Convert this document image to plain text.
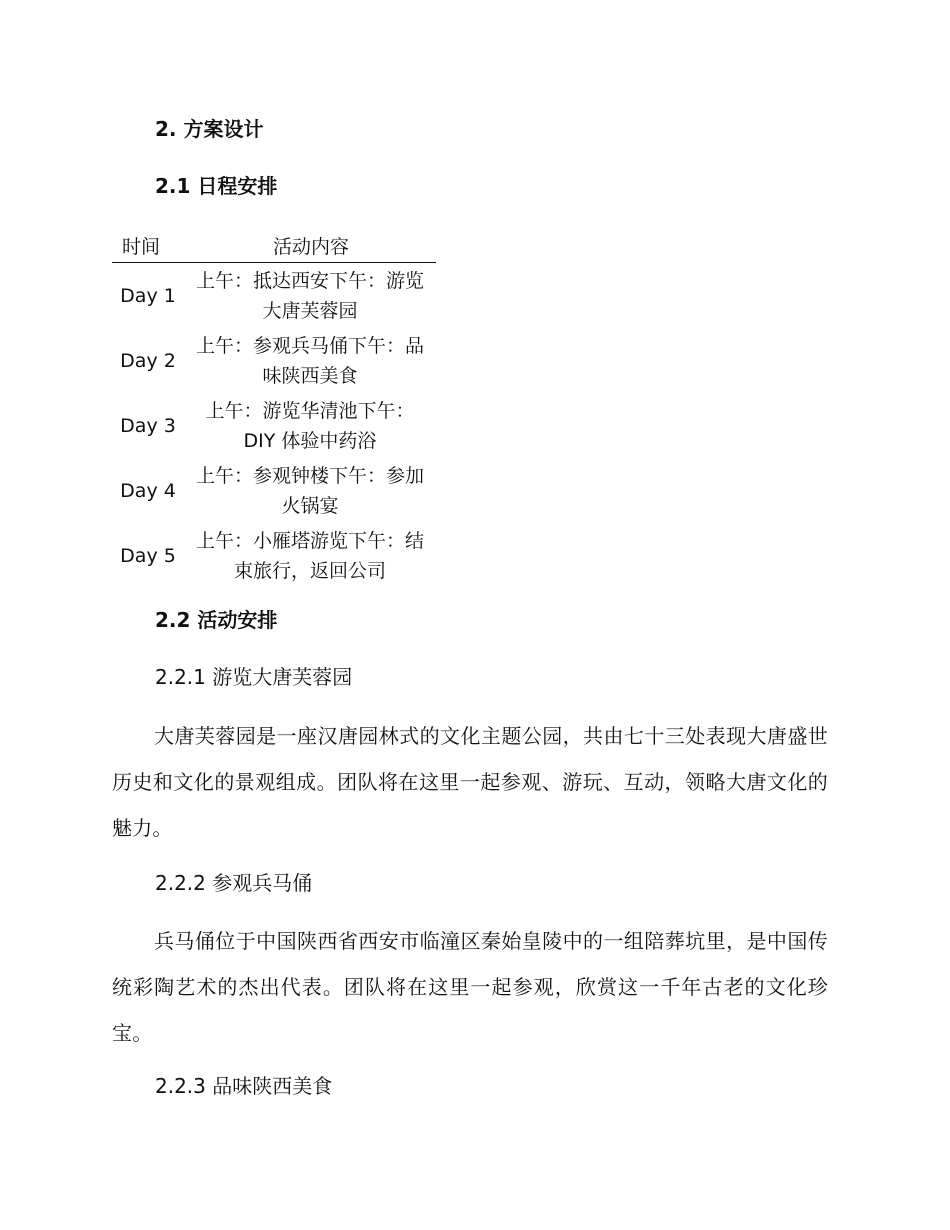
2. 方案设计
2.1 日程安排
时间	活动内容
Day 1	上午：抵达西安下午：游览大唐芙蓉园
Day 2	上午：参观兵马俑下午：品味陕西美食
Day 3	上午：游览华清池下午：DIY 体验中药浴
Day 4	上午：参观钟楼下午：参加火锅宴
Day 5	上午：小雁塔游览下午：结束旅行，返回公司
2.2 活动安排
2.2.1 游览大唐芙蓉园

大唐芙蓉园是一座汉唐园林式的文化主题公园，共由七十三处表现大唐盛世历史和文化的景观组成。团队将在这里一起参观、游玩、互动，领略大唐文化的魅力。

2.2.2 参观兵马俑

兵马俑位于中国陕西省西安市临潼区秦始皇陵中的一组陪葬坑里，是中国传统彩陶艺术的杰出代表。团队将在这里一起参观，欣赏这一千年古老的文化珍宝。

2.2.3 品味陕西美食
